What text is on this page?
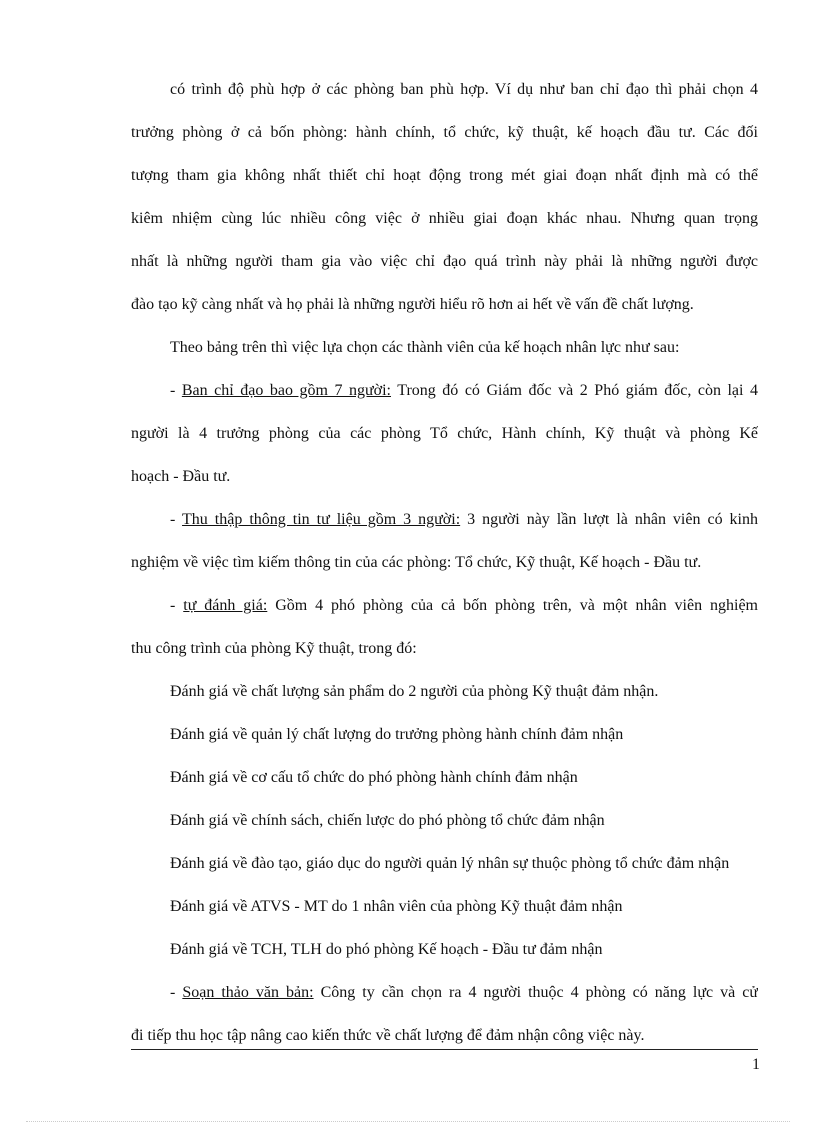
có trình độ phù hợp ở các phòng ban phù hợp. Ví dụ như ban chỉ đạo thì phải chọn 4
trưởng phòng ở cả bốn phòng: hành chính, tổ chức, kỹ thuật, kế hoạch đầu tư. Các đối
tượng tham gia không nhất thiết chỉ hoạt động trong mét giai đoạn nhất định mà có thể
kiêm nhiệm cùng lúc nhiều công việc ở nhiều giai đoạn khác nhau. Nhưng quan trọng
nhất là những người tham gia vào việc chỉ đạo quá trình này phải là những người được
đào tạo kỹ càng nhất và họ phải là những người hiểu rõ hơn ai hết về vấn đề chất lượng.
Theo bảng trên thì việc lựa chọn các thành viên của kế hoạch nhân lực như sau:
- Ban chỉ đạo bao gồm 7 người: Trong đó có Giám đốc và 2 Phó giám đốc, còn lại 4
người là 4 trưởng phòng của các phòng Tổ chức, Hành chính, Kỹ thuật và phòng Kế
hoạch - Đầu tư.
- Thu thập thông tin tư liệu gồm 3 người: 3 người này lần lượt là nhân viên có kinh
nghiệm về việc tìm kiếm thông tin của các phòng: Tổ chức, Kỹ thuật, Kế hoạch - Đầu tư.
- tự đánh giá: Gồm 4 phó phòng của cả bốn phòng trên, và một nhân viên nghiệm
thu công trình của phòng Kỹ thuật, trong đó:
Đánh giá về chất lượng sản phẩm do 2 người của phòng Kỹ thuật đảm nhận.
Đánh giá về quản lý chất lượng do trưởng phòng hành chính đảm nhận
Đánh giá về cơ cấu tổ chức do phó phòng hành chính đảm nhận
Đánh giá về chính sách, chiến lược do phó phòng tổ chức đảm nhận
Đánh giá về đào tạo, giáo dục do người quản lý nhân sự thuộc phòng tổ chức đảm nhận
Đánh giá về ATVS - MT do 1 nhân viên của phòng Kỹ thuật đảm nhận
Đánh giá về TCH, TLH do phó phòng Kế hoạch - Đầu tư đảm nhận
- Soạn thảo văn bản: Công ty cần chọn ra 4 người thuộc 4 phòng có năng lực và cử
đi tiếp thu học tập nâng cao kiến thức về chất lượng để đảm nhận công việc này.
1
